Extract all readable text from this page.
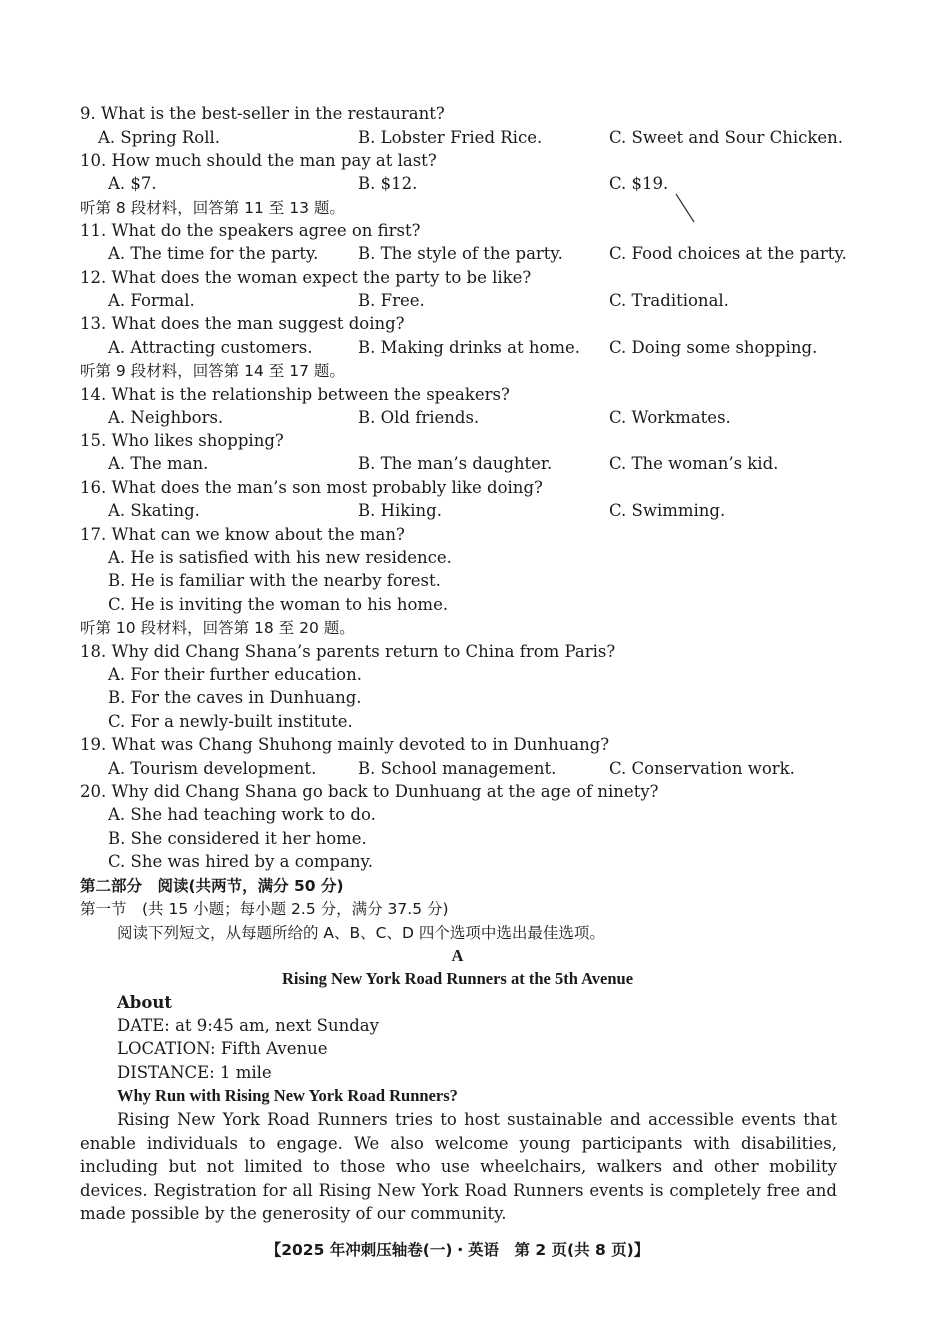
9. What is the best-seller in the restaurant?
A. Spring Roll.	B. Lobster Fried Rice.	C. Sweet and Sour Chicken.
10. How much should the man pay at last?
A. $7.	B. $12.	C. $19.
听第 8 段材料，回答第 11 至 13 题。
11. What do the speakers agree on first?
A. The time for the party. B. The style of the party.	C. Food choices at the party.
12. What does the woman expect the party to be like?
A. Formal.	B. Free.	C. Traditional.
13. What does the man suggest doing?
A. Attracting customers.	B. Making drinks at home. C. Doing some shopping.
听第 9 段材料，回答第 14 至 17 题。
14. What is the relationship between the speakers?
A. Neighbors.	B. Old friends.	C. Workmates.
15. Who likes shopping?
A. The man.	B. The man’s daughter.	C. The woman’s kid.
16. What does the man’s son most probably like doing?
A. Skating.	B. Hiking.	C. Swimming.
17. What can we know about the man?
A. He is satisfied with his new residence.
B. He is familiar with the nearby forest.
C. He is inviting the woman to his home.
听第 10 段材料，回答第 18 至 20 题。
18. Why did Chang Shana’s parents return to China from Paris?
A. For their further education.
B. For the caves in Dunhuang.
C. For a newly-built institute.
19. What was Chang Shuhong mainly devoted to in Dunhuang?
A. Tourism development.	B. School management.	C. Conservation work.
20. Why did Chang Shana go back to Dunhuang at the age of ninety?
A. She had teaching work to do.
B. She considered it her home.
C. She was hired by a company.
第二部分　阅读(共两节，满分 50 分)
第一节　(共 15 小题；每小题 2.5 分，满分 37.5 分)
阅读下列短文，从每题所给的 A、B、C、D 四个选项中选出最佳选项。
A
Rising New York Road Runners at the 5th Avenue
About
DATE: at 9:45 am, next Sunday
LOCATION: Fifth Avenue
DISTANCE: 1 mile
Why Run with Rising New York Road Runners?

Rising New York Road Runners tries to host sustainable and accessible events that enable individuals to engage. We also welcome young participants with disabilities, including but not limited to those who use wheelchairs, walkers and other mobility devices. Registration for all Rising New York Road Runners events is completely free and made possible by the generosity of our community.

【2025 年冲刺压轴卷(一)・英语　第 2 页(共 8 页)】
